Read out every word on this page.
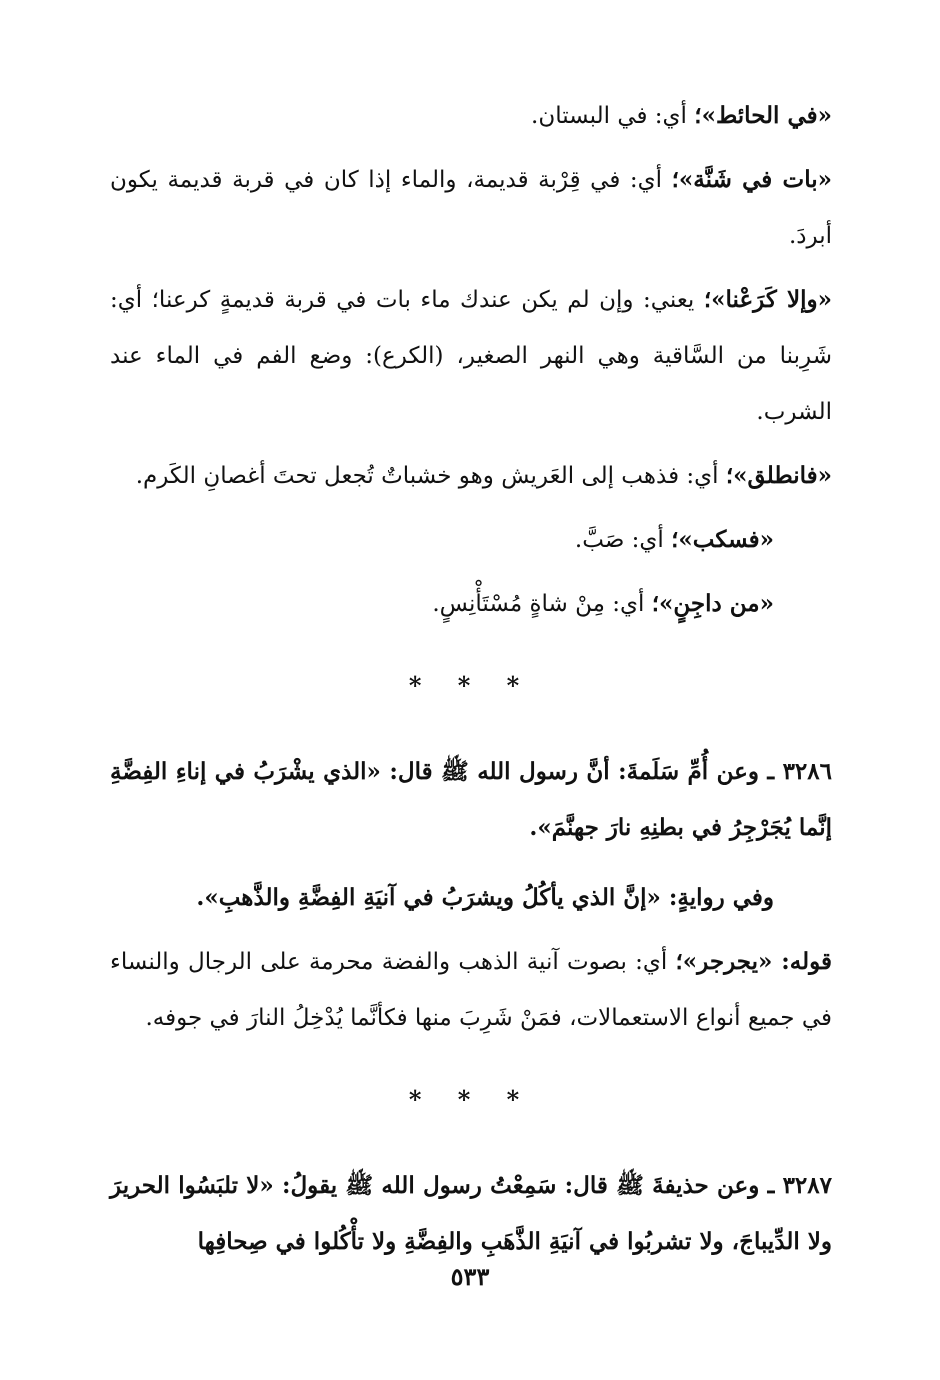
«في الحائط»؛ أي: في البستان.

«بات في شَنَّة»؛ أي: في قِرْبة قديمة، والماء إذا كان في قربة قديمة يكون أبردَ.

«وإلا كَرَعْنا»؛ يعني: وإن لم يكن عندك ماء بات في قربة قديمةٍ كرعنا؛ أي: شَرِبنا من السَّاقية وهي النهر الصغير، (الكرع): وضع الفم في الماء عند الشرب.

«فانطلق»؛ أي: فذهب إلى العَريش وهو خشباتٌ تُجعل تحتَ أغصانِ الكَرم.

«فسكب»؛ أي: صَبَّ.

«من داجِنٍ»؛ أي: مِنْ شاةٍ مُسْتَأْنِسٍ.

* * *

٣٢٨٦ ـ وعن أُمِّ سَلَمةَ: أنَّ رسول الله ﷺ قال: «الذي يشْرَبُ في إناءِ الفِضَّةِ إنَّما يُجَرْجِرُ في بطنِهِ نارَ جهنَّمَ».

وفي روايةٍ: «إنَّ الذي يأكُلُ ويشرَبُ في آنيَةِ الفِضَّةِ والذَّهبِ».

قوله: «يجرجر»؛ أي: بصوت آنية الذهب والفضة محرمة على الرجال والنساء في جميع أنواع الاستعمالات، فمَنْ شَرِبَ منها فكأنَّما يُدْخِلُ النارَ في جوفه.

* * *

٣٢٨٧ ـ وعن حذيفةَ ﷺ قال: سَمِعْتُ رسول الله ﷺ يقولُ: «لا تلبَسُوا الحريرَ ولا الدِّيباجَ، ولا تشربُوا في آنيَةِ الذَّهَبِ والفِضَّةِ ولا تأْكُلوا في صِحافِها

٥٣٣
